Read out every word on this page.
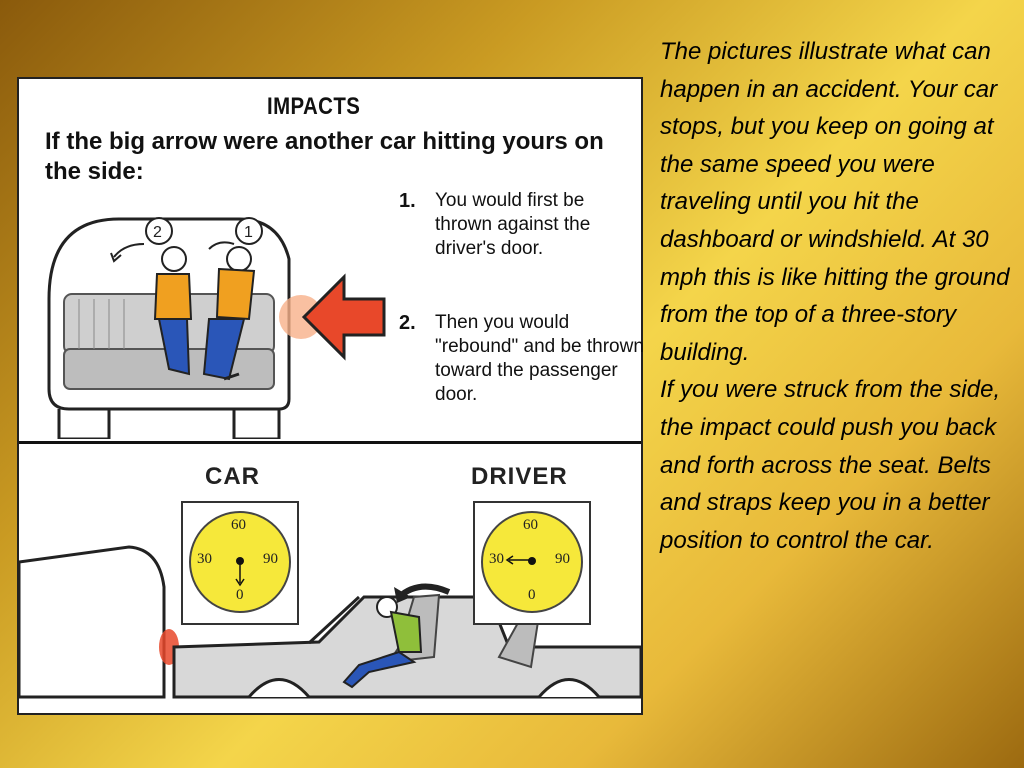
IMPACTS
If the big arrow were another car hitting yours on the side:
2	1
1. You would first be thrown against the driver's door.
2. Then you would "rebound" and be thrown toward the passenger door.
CAR	DRIVER
60
30	90
0
60
30	90
0

The pictures illustrate what can happen in an accident. Your car stops, but you keep on going at the same speed you were traveling until you hit the dashboard or windshield. At 30 mph this is like hitting the ground from the top of a three-story building.

If you were struck from the side, the impact could push you back and forth across the seat. Belts and straps keep you in a better position to control the car.
